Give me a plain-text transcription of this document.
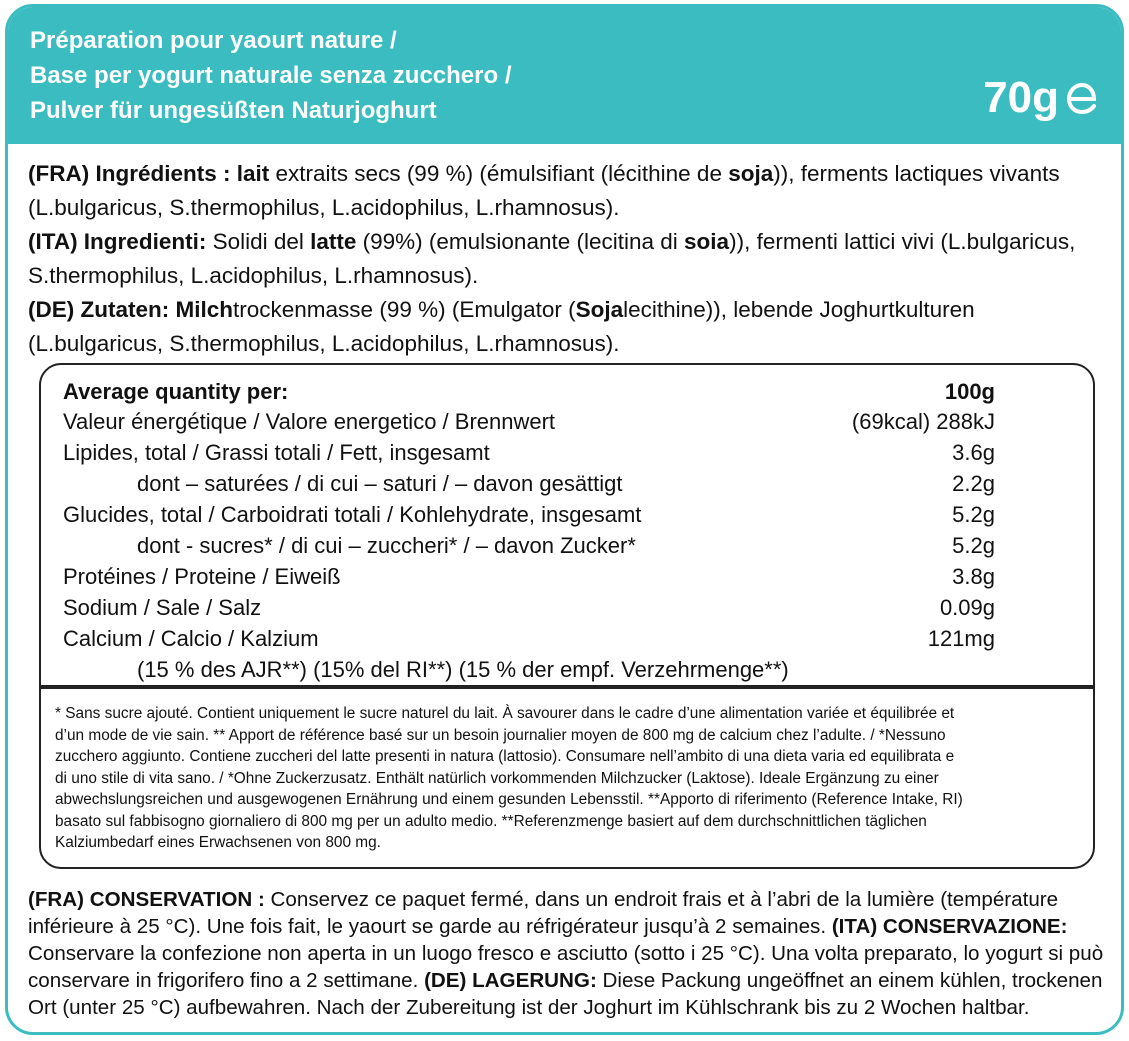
Préparation pour yaourt nature /
Base per yogurt naturale senza zucchero /
Pulver für ungesüßten Naturjoghurt	70g

(FRA) Ingrédients : lait extraits secs (99 %) (émulsifiant (lécithine de soja)), ferments lactiques vivants (L.bulgaricus, S.thermophilus, L.acidophilus, L.rhamnosus).

(ITA) Ingredienti: Solidi del latte (99%) (emulsionante (lecitina di soia)), fermenti lattici vivi (L.bulgaricus, S.thermophilus, L.acidophilus, L.rhamnosus).

(DE) Zutaten: Milchtrockenmasse (99 %) (Emulgator (Sojalecithine)), lebende Joghurtkulturen (L.bulgaricus, S.thermophilus, L.acidophilus, L.rhamnosus).

Average quantity per:	100g
Valeur énergétique / Valore energetico / Brennwert	(69kcal) 288kJ
Lipides, total / Grassi totali / Fett, insgesamt	3.6g
dont – saturées / di cui – saturi / – davon gesättigt	2.2g
Glucides, total / Carboidrati totali / Kohlehydrate, insgesamt	5.2g
dont - sucres* / di cui – zuccheri* / – davon Zucker*	5.2g
Protéines / Proteine / Eiweiß	3.8g
Sodium / Sale / Salz	0.09g
Calcium / Calcio / Kalzium	121mg
(15 % des AJR**) (15% del RI**) (15 % der empf. Verzehrmenge**)
* Sans sucre ajouté. Contient uniquement le sucre naturel du lait. À savourer dans le cadre d’une alimentation variée et équilibrée et
d’un mode de vie sain. ** Apport de référence basé sur un besoin journalier moyen de 800 mg de calcium chez l’adulte. / *Nessuno
zucchero aggiunto. Contiene zuccheri del latte presenti in natura (lattosio). Consumare nell’ambito di una dieta varia ed equilibrata e
di uno stile di vita sano. / *Ohne Zuckerzusatz. Enthält natürlich vorkommenden Milchzucker (Laktose). Ideale Ergänzung zu einer
abwechslungsreichen und ausgewogenen Ernährung und einem gesunden Lebensstil. **Apporto di riferimento (Reference Intake, RI)
basato sul fabbisogno giornaliero di 800 mg per un adulto medio. **Referenzmenge basiert auf dem durchschnittlichen täglichen
Kalziumbedarf eines Erwachsenen von 800 mg.
(FRA) CONSERVATION : Conservez ce paquet fermé, dans un endroit frais et à l’abri de la lumière (température inférieure à 25 °C). Une fois fait, le yaourt se garde au réfrigérateur jusqu’à 2 semaines. (ITA) CONSERVAZIONE: Conservare la confezione non aperta in un luogo fresco e asciutto (sotto i 25 °C). Una volta preparato, lo yogurt si può conservare in frigorifero fino a 2 settimane. (DE) LAGERUNG: Diese Packung ungeöffnet an einem kühlen, trockenen Ort (unter 25 °C) aufbewahren. Nach der Zubereitung ist der Joghurt im Kühlschrank bis zu 2 Wochen haltbar.
